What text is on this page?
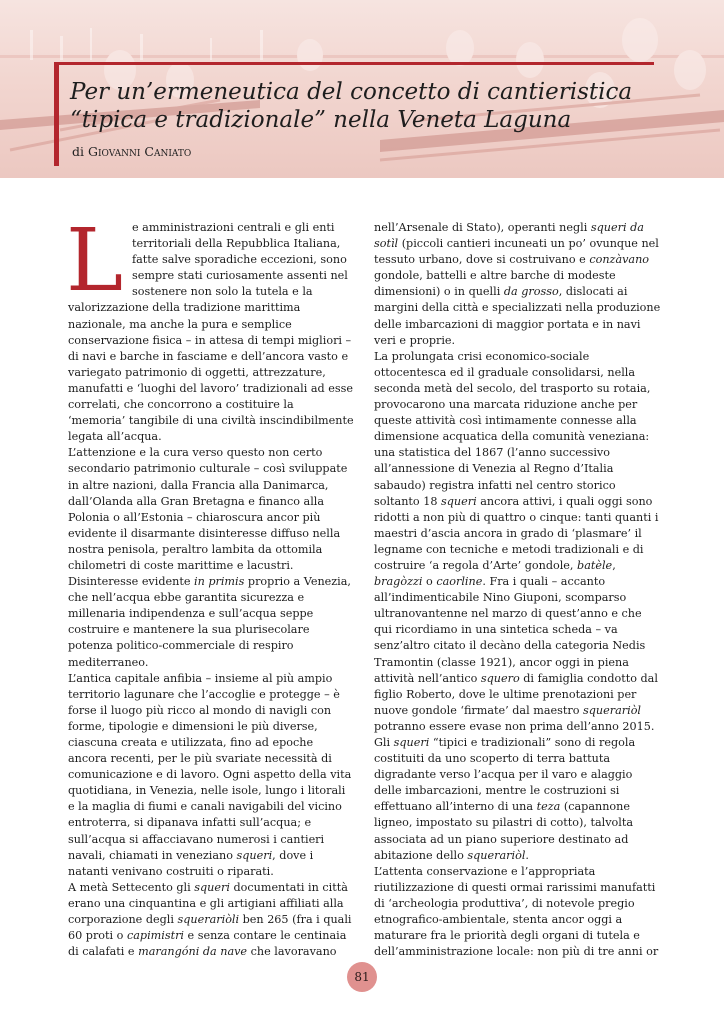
Per un’ermeneutica del concetto di cantieristica “tipica e tradizionale” nella Veneta Laguna

di Giovanni Caniato

L e amministrazioni centrali e gli enti territoriali della Repubblica Italiana, fatte salve sporadiche eccezioni, sono sempre stati curiosamente assenti nel sostenere non solo la tutela e la valorizzazione della tradizione marittima nazionale, ma anche la pura e semplice conservazione fisica – in attesa di tempi migliori – di navi e barche in fasciame e dell’ancora vasto e variegato patrimonio di oggetti, attrezzature, manufatti e ‘luoghi del lavoro’ tradizionali ad esse correlati, che concorrono a costituire la ‘memoria’ tangibile di una civiltà inscindibilmente legata all’acqua.

L’attenzione e la cura verso questo non certo secondario patrimonio culturale – così sviluppate in altre nazioni, dalla Francia alla Danimarca, dall’Olanda alla Gran Bretagna e financo alla Polonia o all’Estonia – chiaroscura ancor più evidente il disarmante disinteresse diffuso nella nostra penisola, peraltro lambita da ottomila chilometri di coste marittime e lacustri. Disinteresse evidente in primis proprio a Venezia, che nell’acqua ebbe garantita sicurezza e millenaria indipendenza e sull’acqua seppe costruire e mantenere la sua plurisecolare potenza politico-commerciale di respiro mediterraneo.

L’antica capitale anfibia – insieme al più ampio territorio lagunare che l’accoglie e protegge – è forse il luogo più ricco al mondo di navigli con forme, tipologie e dimensioni le più diverse, ciascuna creata e utilizzata, fino ad epoche ancora recenti, per le più svariate necessità di comunicazione e di lavoro. Ogni aspetto della vita quotidiana, in Venezia, nelle isole, lungo i litorali e la maglia di fiumi e canali navigabili del vicino entroterra, si dipanava infatti sull’acqua; e sull’acqua si affacciavano numerosi i cantieri navali, chiamati in veneziano squeri, dove i natanti venivano costruiti o riparati.

A metà Settecento gli squeri documentati in città erano una cinquantina e gli artigiani affiliati alla corporazione degli squerariòli ben 265 (fra i quali 60 proti o capimistri e senza contare le centinaia di calafati e marangóni da nave che lavoravano

nell’Arsenale di Stato), operanti negli squeri da sotìl (piccoli cantieri incuneati un po’ ovunque nel tessuto urbano, dove si costruivano e conzàvano gondole, battelli e altre barche di modeste dimensioni) o in quelli da grosso, dislocati ai margini della città e specializzati nella produzione delle imbarcazioni di maggior portata e in navi veri e proprie.

La prolungata crisi economico-sociale ottocentesca ed il graduale consolidarsi, nella seconda metà del secolo, del trasporto su rotaia, provocarono una marcata riduzione anche per queste attività così intimamente connesse alla dimensione acquatica della comunità veneziana: una statistica del 1867 (l’anno successivo all’annessione di Venezia al Regno d’Italia sabaudo) registra infatti nel centro storico soltanto 18 squeri ancora attivi, i quali oggi sono ridotti a non più di quattro o cinque: tanti quanti i maestri d’ascia ancora in grado di ‘plasmare’ il legname con tecniche e metodi tradizionali e di costruire ‘a regola d’Arte’ gondole, batèle, bragòzzi o caorline. Fra i quali – accanto all’indimenticabile Nino Giuponi, scomparso ultranovantenne nel marzo di quest’anno e che qui ricordiamo in una sintetica scheda – va senz’altro citato il decàno della categoria Nedis Tramontin (classe 1921), ancor oggi in piena attività nell’antico squero di famiglia condotto dal figlio Roberto, dove le ultime prenotazioni per nuove gondole ‘firmate’ dal maestro squerariòl potranno essere evase non prima dell’anno 2015.

Gli squeri “tipici e tradizionali” sono di regola costituiti da uno scoperto di terra battuta digradante verso l’acqua per il varo e alaggio delle imbarcazioni, mentre le costruzioni si effettuano all’interno di una teza (capannone ligneo, impostato su pilastri di cotto), talvolta associata ad un piano superiore destinato ad abitazione dello squerariòl.

L’attenta conservazione e l’appropriata riutilizzazione di questi ormai rarissimi manufatti di ‘archeologia produttiva’, di notevole pregio etnografico-ambientale, stenta ancor oggi a maturare fra le priorità degli organi di tutela e dell’amministrazione locale: non più di tre anni or

81
